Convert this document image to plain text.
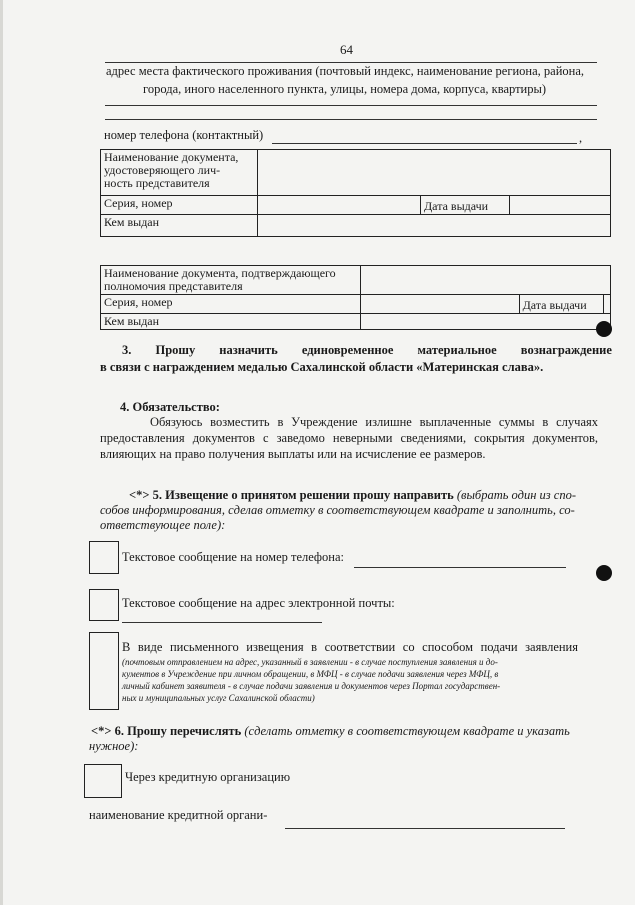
64
адрес места фактического проживания (почтовый индекс, наименование региона, района,
города, иного населенного пункта, улицы, номера дома, корпуса, квартиры)
номер телефона (контактный)	,
Наименование документа,
удостоверяющего лич-
ность представителя			

Серия, номер		Дата выдачи	
Кем выдан			
Наименование документа, подтверждающего
полномочия представителя			

Серия, номер		Дата выдачи	
Кем выдан			
3. Прошу назначить единовременное материальное вознаграждение
в связи с награждением медалью Сахалинской области «Материнская слава».
4. Обязательство:
Обязуюсь возместить в Учреждение излишне выплаченные суммы в случаях
предоставления документов с заведомо неверными сведениями, сокрытия документов,
влияющих на право получения выплаты или на исчисление ее размеров.
<*> 5. Извещение о принятом решении прошу направить (выбрать один из спо-
собов информирования, сделав отметку в соответствующем квадрате и заполнить, со-
ответствующее поле):
Текстовое сообщение на номер телефона:
Текстовое сообщение на адрес электронной почты:
В виде письменного извещения в соответствии со способом подачи заявления
(почтовым отправлением на адрес, указанный в заявлении - в случае поступления заявления и до-
кументов в Учреждение при личном обращении, в МФЦ - в случае подачи заявления через МФЦ, в
личный кабинет заявителя - в случае подачи заявления и документов через Портал государствен-
ных и муниципальных услуг Сахалинской области)
<*> 6. Прошу перечислять (сделать отметку в соответствующем квадрате и указать
нужное):
Через кредитную организацию
наименование кредитной органи-
